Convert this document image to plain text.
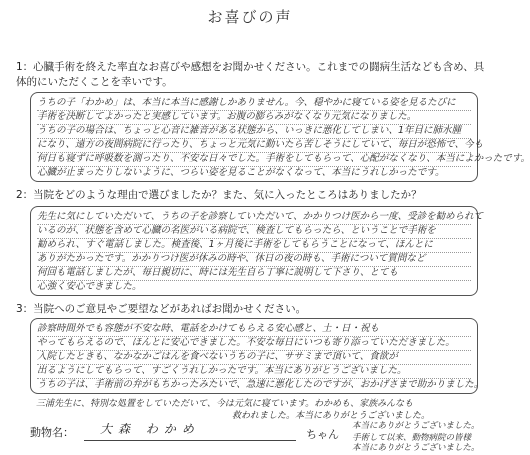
お喜びの声
1：心臓手術を終えた率直なお喜びや感想をお聞かせください。これまでの闘病生活なども含め、具体的にいただくことを幸いです。
うちの子「わかめ」は、本当に本当に感謝しかありません。今、穏やかに寝ている姿を見るたびに
手術を決断してよかったと実感しています。お腹の膨らみがなくなり元気になりました。
うちの子の場合は、ちょっと心音に雑音がある状態から、いっきに悪化してしまい、1年目に肺水腫
になり、遠方の夜間病院に行ったり、ちょっと元気に動いたら苦しそうにしていて、毎日が恐怖で、今も
何日も寝ずに呼吸数を測ったり、不安な日々でした。手術をしてもらって、心配がなくなり、本当によかったです。
心臓が止まったりしないように、つらい姿を見ることがなくなって、本当にうれしかったです。
2：当院をどのような理由で選びましたか？また、気に入ったところはありましたか？
先生に気にしていただいて、うちの子を診察していただいて、かかりつけ医から一度、受診を勧められて
いるのが、状態を含めて心臓の名医がいる病院で、検査してもらったら、ということで手術を
勧められ、すぐ電話しました。検査後、1ヶ月後に手術をしてもらうことになって、ほんとに
ありがたかったです。かかりつけ医が休みの時や、休日の夜の時も、手術について質問など
何回も電話しましたが、毎日親切に、時には先生自ら丁寧に説明して下さり、とても
心強く安心できました。
3：当院へのご意見やご要望などがあればお聞かせください。
診察時間外でも容態が不安な時、電話をかけてもらえる安心感と、土・日・祝も
やってもらえるので、ほんとに安心できました。不安な毎日にいつも寄り添っていただきました。
入院したときも、なかなかごはんを食べないうちの子に、ササミまで頂いて、食欲が
出るようにしてもらって、すごくうれしかったです。本当にありがとうございました。
うちの子は、手術前の弁がもちかったみたいで、急速に悪化したのですが、おかげさまで助かりました。
三浦先生に、特別な処置をしていただいて、今は元気に寝ています。わかめも、家族みんなも
救われました。本当にありがとうございました。
本当にありがとうございました。
手術して以来、動物病院の皆様
本当にありがとうございました。
動物名： 大森 わかめ	ちゃん
